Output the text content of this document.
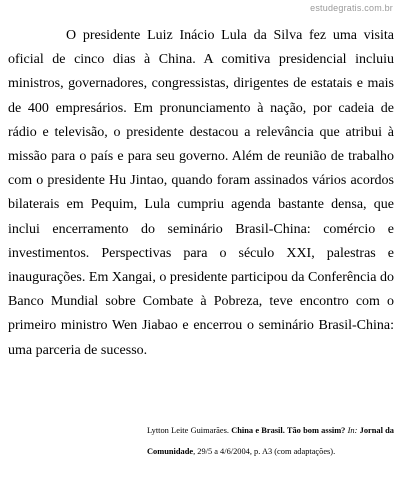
estudegratis.com.br

O presidente Luiz Inácio Lula da Silva fez uma visita oficial de cinco dias à China. A comitiva presidencial incluiu ministros, governadores, congressistas, dirigentes de estatais e mais de 400 empresários. Em pronunciamento à nação, por cadeia de rádio e televisão, o presidente destacou a relevância que atribui à missão para o país e para seu governo. Além de reunião de trabalho com o presidente Hu Jintao, quando foram assinados vários acordos bilaterais em Pequim, Lula cumpriu agenda bastante densa, que inclui encerramento do seminário Brasil-China: comércio e investimentos. Perspectivas para o século XXI, palestras e inaugurações. Em Xangai, o presidente participou da Conferência do Banco Mundial sobre Combate à Pobreza, teve encontro com o primeiro ministro Wen Jiabao e encerrou o seminário Brasil-China: uma parceria de sucesso.

Lytton Leite Guimarães. China e Brasil. Tão bom assim? In: Jornal da Comunidade, 29/5 a 4/6/2004, p. A3 (com adaptações).
